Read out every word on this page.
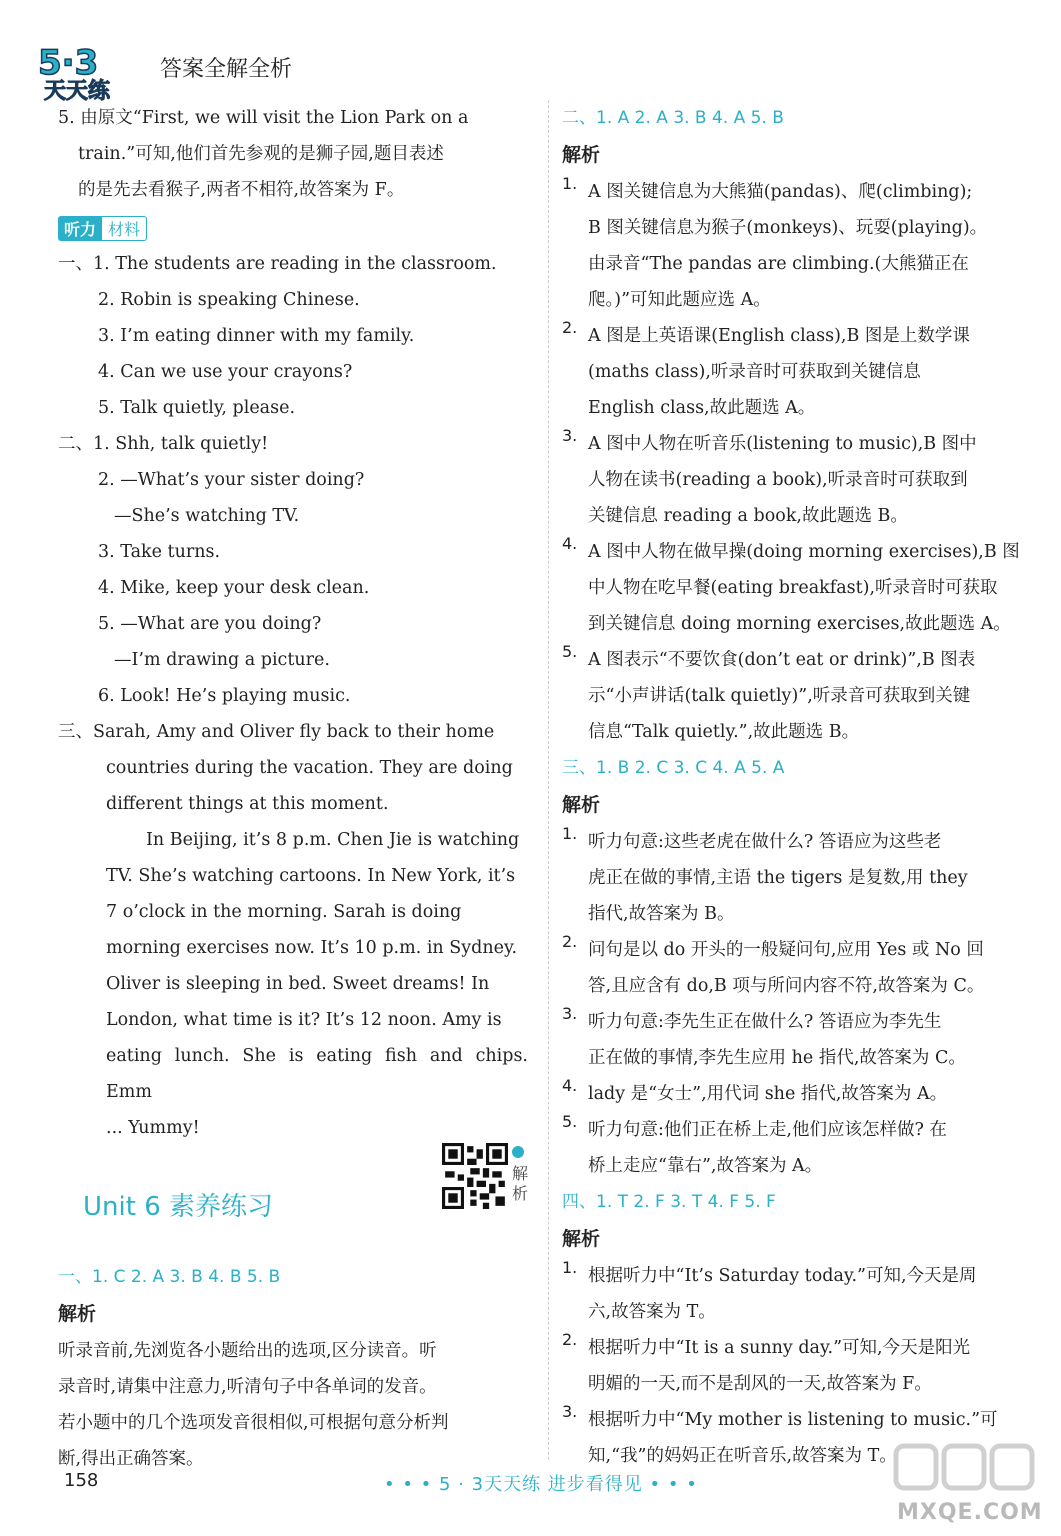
5·3
天天练
答案全解全析

5. 由原文“First, we will visit the Lion Park on a

train.”可知,他们首先参观的是狮子园,题目表述

的是先去看猴子,两者不相符,故答案为 F。

听力 材料

一、1. The students are reading in the classroom.

2. Robin is speaking Chinese.

3. I’m eating dinner with my family.

4. Can we use your crayons?

5. Talk quietly, please.

二、1. Shh, talk quietly!

2. —What’s your sister doing?

—She’s watching TV.

3. Take turns.

4. Mike, keep your desk clean.

5. —What are you doing?

—I’m drawing a picture.

6. Look! He’s playing music.

三、Sarah, Amy and Oliver fly back to their home

countries during the vacation. They are doing

different things at this moment.

In Beijing, it’s 8 p.m. Chen Jie is watching

TV. She’s watching cartoons. In New York, it’s

7 o’clock in the morning. Sarah is doing

morning exercises now. It’s 10 p.m. in Sydney.

Oliver is sleeping in bed. Sweet dreams! In

London, what time is it? It’s 12 noon. Amy is

eating lunch. She is eating fish and chips. Emm

... Yummy!

Unit 6 素养练习
一、1. C 2. A 3. B 4. B 5. B
解析

听录音前,先浏览各小题给出的选项,区分读音。听

录音时,请集中注意力,听清句子中各单词的发音。

若小题中的几个选项发音很相似,可根据句意分析判

断,得出正确答案。

解析
二、1. A 2. A 3. B 4. A 5. B
解析
1. A 图关键信息为大熊猫(pandas)、爬(climbing);

B 图关键信息为猴子(monkeys)、玩耍(playing)。

由录音“The pandas are climbing.(大熊猫正在

爬。)”可知此题应选 A。

2. A 图是上英语课(English class),B 图是上数学课

(maths class),听录音时可获取到关键信息

English class,故此题选 A。

3. A 图中人物在听音乐(listening to music),B 图中

人物在读书(reading a book),听录音时可获取到

关键信息 reading a book,故此题选 B。

4. A 图中人物在做早操(doing morning exercises),B 图

中人物在吃早餐(eating breakfast),听录音时可获取

到关键信息 doing morning exercises,故此题选 A。

5. A 图表示“不要饮食(don’t eat or drink)”,B 图表

示“小声讲话(talk quietly)”,听录音可获取到关键

信息“Talk quietly.”,故此题选 B。

三、1. B 2. C 3. C 4. A 5. A
解析
1. 听力句意:这些老虎在做什么? 答语应为这些老

虎正在做的事情,主语 the tigers 是复数,用 they

指代,故答案为 B。

2. 问句是以 do 开头的一般疑问句,应用 Yes 或 No 回

答,且应含有 do,B 项与所问内容不符,故答案为 C。

3. 听力句意:李先生正在做什么? 答语应为李先生

正在做的事情,李先生应用 he 指代,故答案为 C。

4. lady 是“女士”,用代词 she 指代,故答案为 A。

5. 听力句意:他们正在桥上走,他们应该怎样做? 在

桥上走应“靠右”,故答案为 A。

四、1. T 2. F 3. T 4. F 5. F
解析
1. 根据听力中“It’s Saturday today.”可知,今天是周

六,故答案为 T。

2. 根据听力中“It is a sunny day.”可知,今天是阳光

明媚的一天,而不是刮风的一天,故答案为 F。

3. 根据听力中“My mother is listening to music.”可

知,“我”的妈妈正在听音乐,故答案为 T。

158	• • • 5 · 3天天练 进步看得见 • • •
MXQE.COM
